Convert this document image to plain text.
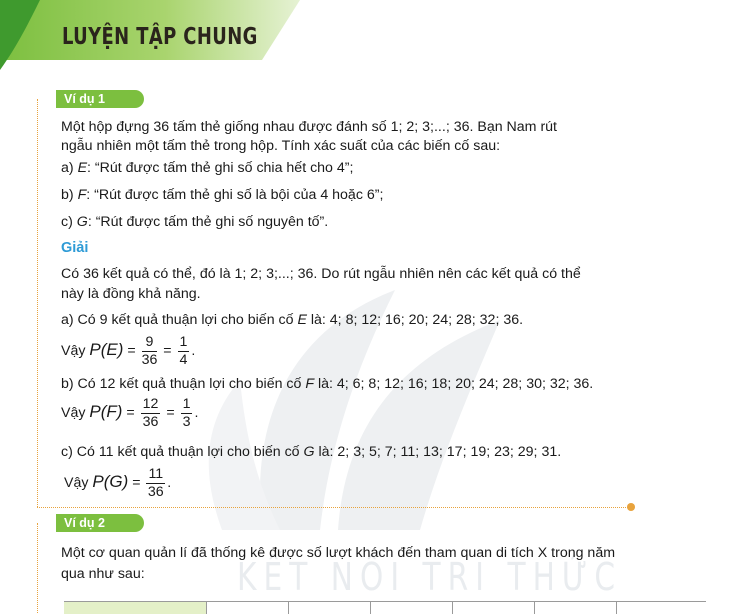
KẾT NỐI TRI THỨC
LUYỆN TẬP CHUNG
Ví dụ 1
Một hộp đựng 36 tấm thẻ giống nhau được đánh số 1; 2; 3;...; 36. Bạn Nam rút
ngẫu nhiên một tấm thẻ trong hộp. Tính xác suất của các biến cố sau:
a) E: “Rút được tấm thẻ ghi số chia hết cho 4”;
b) F: “Rút được tấm thẻ ghi số là bội của 4 hoặc 6”;
c) G: “Rút được tấm thẻ ghi số nguyên tố”.
Giải
Có 36 kết quả có thể, đó là 1; 2; 3;...; 36. Do rút ngẫu nhiên nên các kết quả có thể
này là đồng khả năng.
a) Có 9 kết quả thuận lợi cho biến cố E là: 4; 8; 12; 16; 20; 24; 28; 32; 36.
Vậy $P(E) = \frac{9}{36} = \frac{1}{4}$ .
b) Có 12 kết quả thuận lợi cho biến cố F là: 4; 6; 8; 12; 16; 18; 20; 24; 28; 30; 32; 36.
Vậy $P(F) = \frac{12}{36} = \frac{1}{3}$ .
c) Có 11 kết quả thuận lợi cho biến cố G là: 2; 3; 5; 7; 11; 13; 17; 19; 23; 29; 31.
Vậy $P(G) = \frac{11}{36}$ .
Ví dụ 2
Một cơ quan quản lí đã thống kê được số lượt khách đến tham quan di tích X trong năm
qua như sau:
